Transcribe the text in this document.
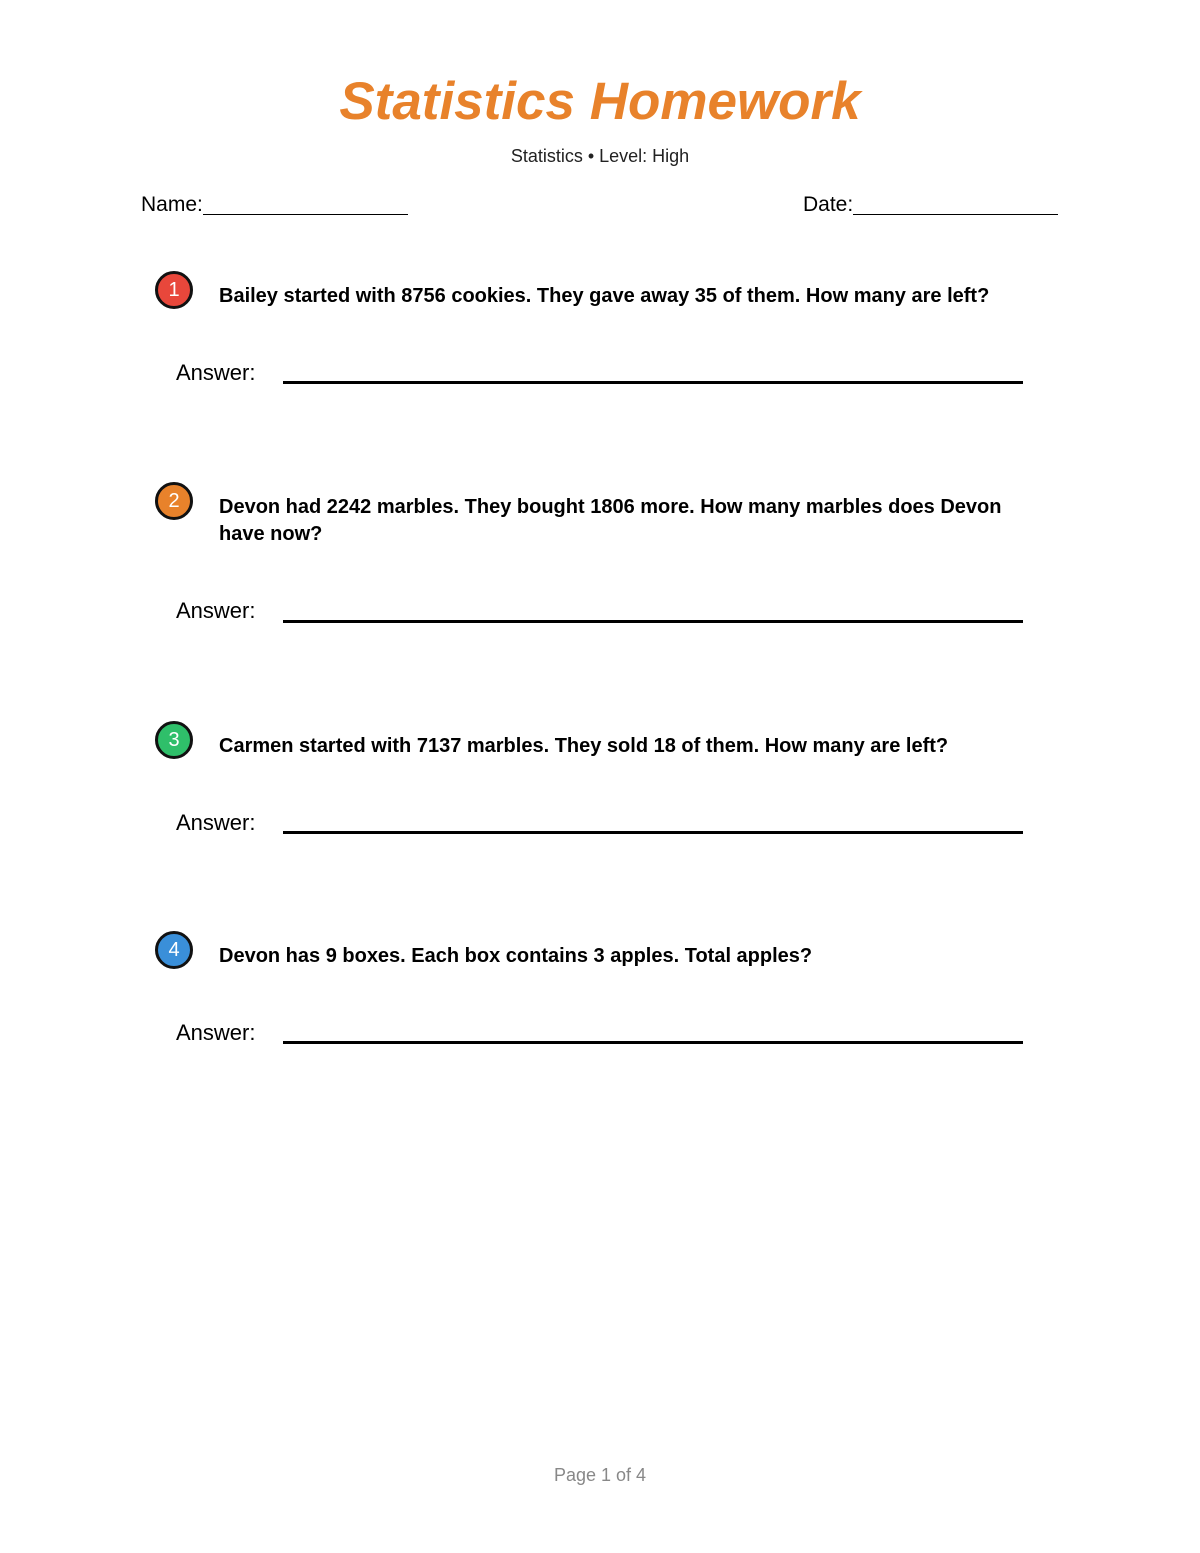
Statistics Homework
Statistics • Level: High
Name:	Date:
1	Bailey started with 8756 cookies. They gave away 35 of them. How many are left?
Answer:
2	Devon had 2242 marbles. They bought 1806 more. How many marbles does Devon have now?
Answer:
3	Carmen started with 7137 marbles. They sold 18 of them. How many are left?
Answer:
4	Devon has 9 boxes. Each box contains 3 apples. Total apples?
Answer:
Page 1 of 4
